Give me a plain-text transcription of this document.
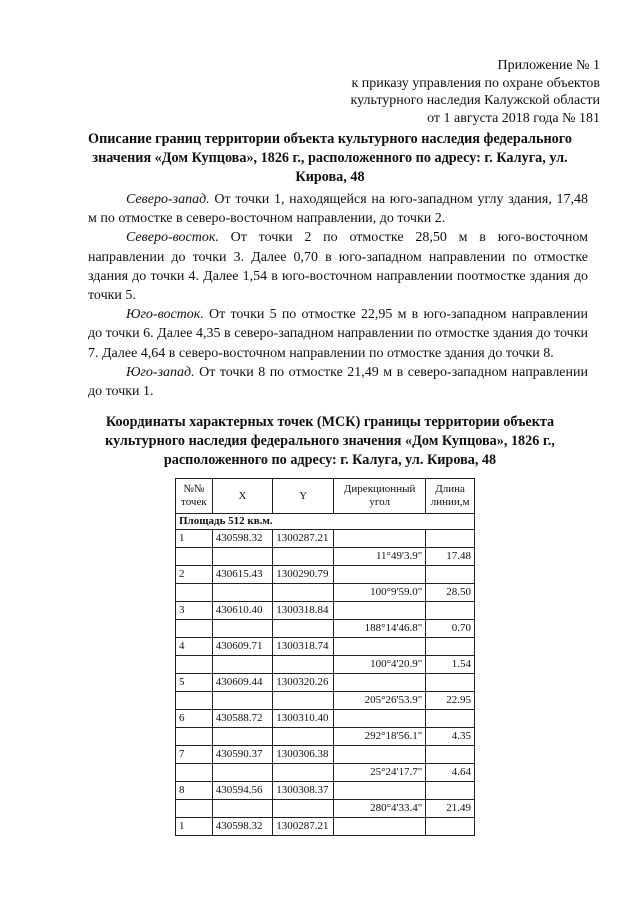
Приложение № 1
к приказу управления по охране объектов
культурного наследия Калужской области
от 1 августа 2018 года № 181
Описание границ территории объекта культурного наследия федерального значения «Дом Купцова», 1826 г., расположенного по адресу: г. Калуга, ул. Кирова, 48

Северо-запад. От точки 1, находящейся на юго-западном углу здания, 17,48 м по отмостке в северо-восточном направлении, до точки 2.

Северо-восток. От точки 2 по отмостке 28,50 м в юго-восточном направлении до точки 3. Далее 0,70 в юго-западном направлении по отмостке здания до точки 4. Далее 1,54 в юго-восточном направлении поотмостке здания до точки 5.

Юго-восток. От точки 5 по отмостке 22,95 м в юго-западном направлении до точки 6. Далее 4,35 в северо-западном направлении по отмостке здания до точки 7. Далее 4,64 в северо-восточном направлении по отмостке здания до точки 8.

Юго-запад. От точки 8 по отмостке 21,49 м в северо-западном направлении до точки 1.

Координаты характерных точек (МСК) границы территории объекта культурного наследия федерального значения «Дом Купцова», 1826 г., расположенного по адресу: г. Калуга, ул. Кирова, 48
№№ точек	X	Y	Дирекционный угол	Длина линии,м
Площадь 512 кв.м.				
1	430598.32	1300287.21		
			11°49'3.9"	17.48
2	430615.43	1300290.79		
			100°9'59.0"	28.50
3	430610.40	1300318.84		
			188°14'46.8"	0.70
4	430609.71	1300318.74		
			100°4'20.9"	1.54
5	430609.44	1300320.26		
			205°26'53.9"	22.95
6	430588.72	1300310.40		
			292°18'56.1"	4.35
7	430590.37	1300306.38		
			25°24'17.7"	4.64
8	430594.56	1300308.37		
			280°4'33.4"	21.49
1	430598.32	1300287.21		
